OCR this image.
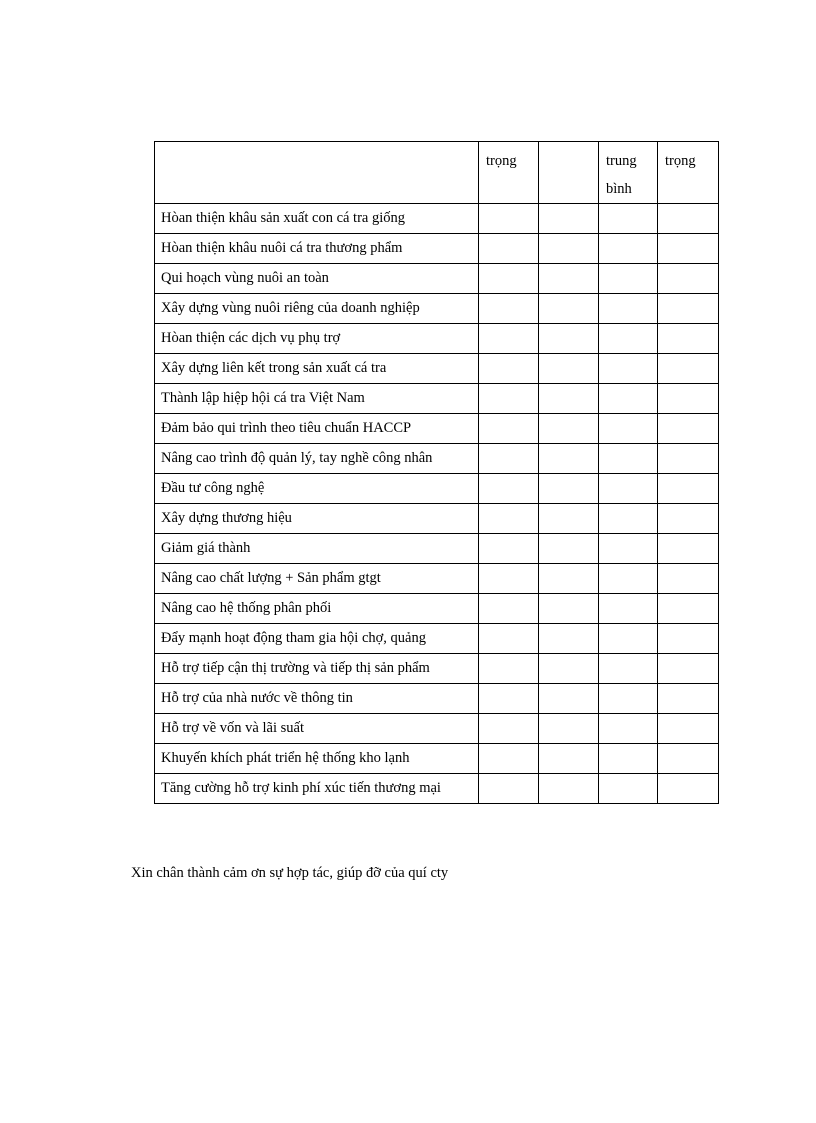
	trọng		trung bình	trọng

Hòan thiện khâu sản xuất con cá tra giống				

Hòan thiện khâu nuôi cá tra thương phẩm				

Qui hoạch vùng nuôi an toàn				

Xây dựng vùng nuôi riêng của doanh nghiệp				

Hòan thiện các dịch vụ phụ trợ				

Xây dựng liên kết trong sản xuất cá tra				

Thành lập hiệp hội cá tra Việt Nam				

Đảm bảo qui trình theo tiêu chuẩn HACCP				

Nâng cao trình độ quản lý, tay nghề công nhân				

Đầu tư công nghệ				

Xây dựng thương hiệu				

Giảm giá thành				

Nâng cao chất lượng + Sản phẩm gtgt				

Nâng cao hệ thống phân phối				

Đẩy mạnh hoạt động tham gia hội chợ, quảng				

Hỗ trợ tiếp cận thị trường và tiếp thị sản phẩm				

Hỗ trợ của nhà nước về thông tin				

Hỗ trợ về vốn và lãi suất				

Khuyến khích phát triển hệ thống kho lạnh				

Tăng cường hỗ trợ kinh phí xúc tiến thương mại				

Xin chân thành cảm ơn sự hợp tác, giúp đỡ của quí cty
